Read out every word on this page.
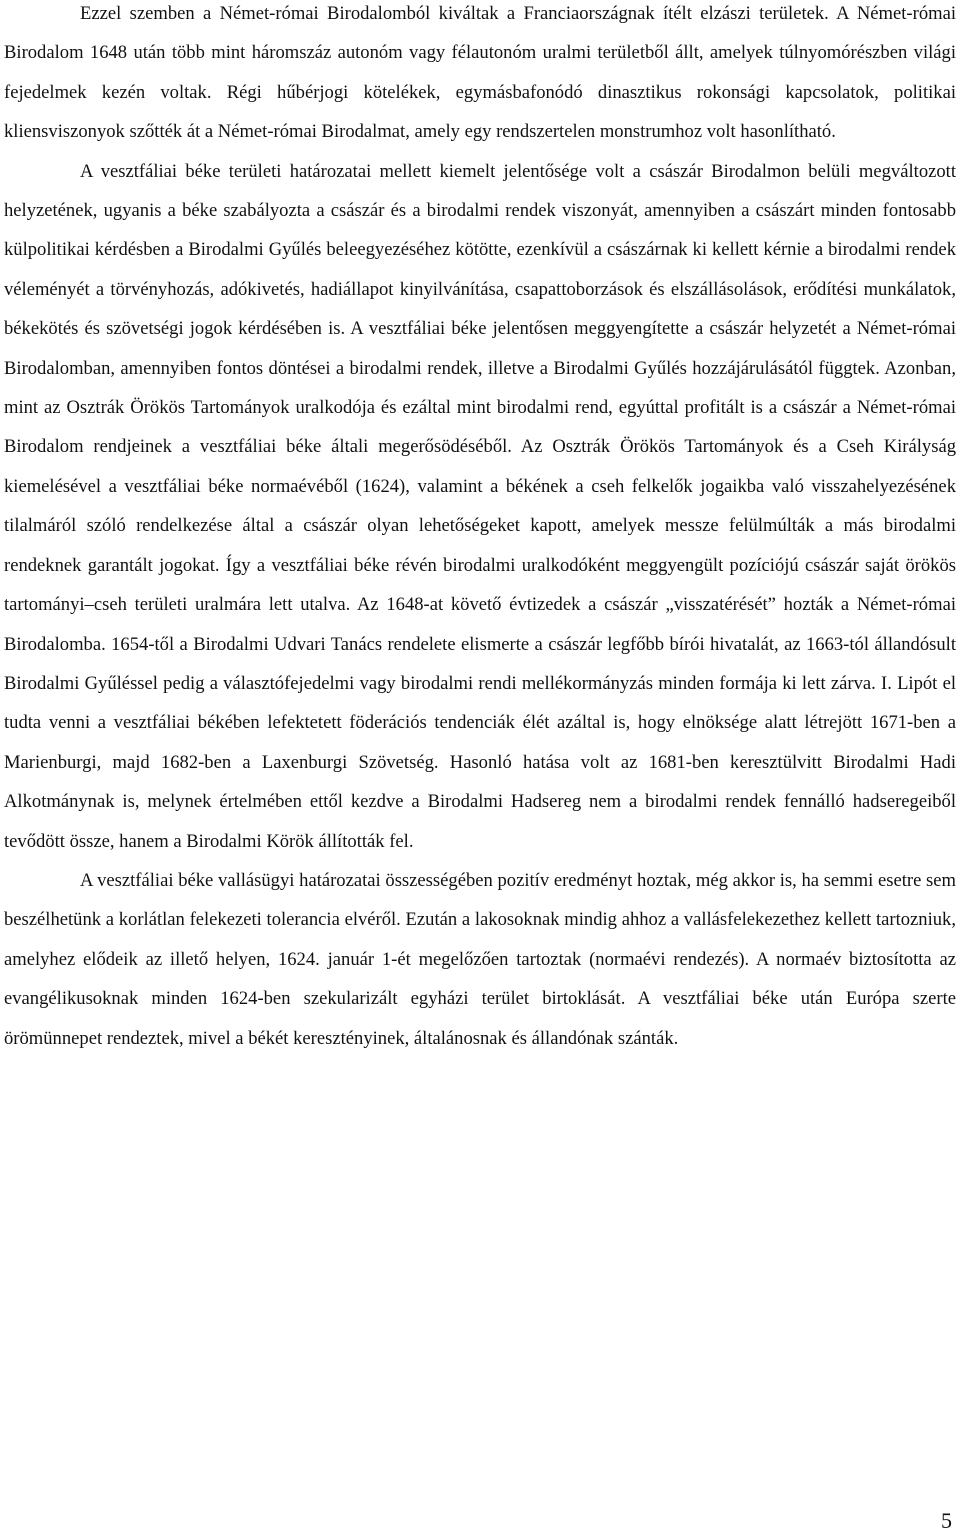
Ezzel szemben a Német-római Birodalomból kiváltak a Franciaországnak ítélt elzászi területek. A Német-római Birodalom 1648 után több mint háromszáz autonóm vagy félautonóm uralmi területből állt, amelyek túlnyomórészben világi fejedelmek kezén voltak. Régi hűbérjogi kötelékek, egymásbafonódó dinasztikus rokonsági kapcsolatok, politikai kliensviszonyok szőtték át a Német-római Birodalmat, amely egy rendszertelen monstrumhoz volt hasonlítható.

A vesztfáliai béke területi határozatai mellett kiemelt jelentősége volt a császár Birodalmon belüli megváltozott helyzetének, ugyanis a béke szabályozta a császár és a birodalmi rendek viszonyát, amennyiben a császárt minden fontosabb külpolitikai kérdésben a Birodalmi Gyűlés beleegyezéséhez kötötte, ezenkívül a császárnak ki kellett kérnie a birodalmi rendek véleményét a törvényhozás, adókivetés, hadiállapot kinyilvánítása, csapattoborzások és elszállásolások, erődítési munkálatok, békekötés és szövetségi jogok kérdésében is. A vesztfáliai béke jelentősen meggyengítette a császár helyzetét a Német-római Birodalomban, amennyiben fontos döntései a birodalmi rendek, illetve a Birodalmi Gyűlés hozzájárulásától függtek. Azonban, mint az Osztrák Örökös Tartományok uralkodója és ezáltal mint birodalmi rend, egyúttal profitált is a császár a Német-római Birodalom rendjeinek a vesztfáliai béke általi megerősödéséből. Az Osztrák Örökös Tartományok és a Cseh Királyság kiemelésével a vesztfáliai béke normaévéből (1624), valamint a békének a cseh felkelők jogaikba való visszahelyezésének tilalmáról szóló rendelkezése által a császár olyan lehetőségeket kapott, amelyek messze felülmúlták a más birodalmi rendeknek garantált jogokat. Így a vesztfáliai béke révén birodalmi uralkodóként meggyengült pozíciójú császár saját örökös tartományi–cseh területi uralmára lett utalva. Az 1648-at követő évtizedek a császár „visszatérését” hozták a Német-római Birodalomba. 1654-től a Birodalmi Udvari Tanács rendelete elismerte a császár legfőbb bírói hivatalát, az 1663-tól állandósult Birodalmi Gyűléssel pedig a választófejedelmi vagy birodalmi rendi mellékormányzás minden formája ki lett zárva. I. Lipót el tudta venni a vesztfáliai békében lefektetett föderációs tendenciák élét azáltal is, hogy elnöksége alatt létrejött 1671-ben a Marienburgi, majd 1682-ben a Laxenburgi Szövetség. Hasonló hatása volt az 1681-ben keresztülvitt Birodalmi Hadi Alkotmánynak is, melynek értelmében ettől kezdve a Birodalmi Hadsereg nem a birodalmi rendek fennálló hadseregeiből tevődött össze, hanem a Birodalmi Körök állították fel.

A vesztfáliai béke vallásügyi határozatai összességében pozitív eredményt hoztak, még akkor is, ha semmi esetre sem beszélhetünk a korlátlan felekezeti tolerancia elvéről. Ezután a lakosoknak mindig ahhoz a vallásfelekezethez kellett tartozniuk, amelyhez elődeik az illető helyen, 1624. január 1-ét megelőzően tartoztak (normaévi rendezés). A normaév biztosította az evangélikusoknak minden 1624-ben szekularizált egyházi terület birtoklását. A vesztfáliai béke után Európa szerte örömünnepet rendeztek, mivel a békét keresztényinek, általánosnak és állandónak szánták.

5
